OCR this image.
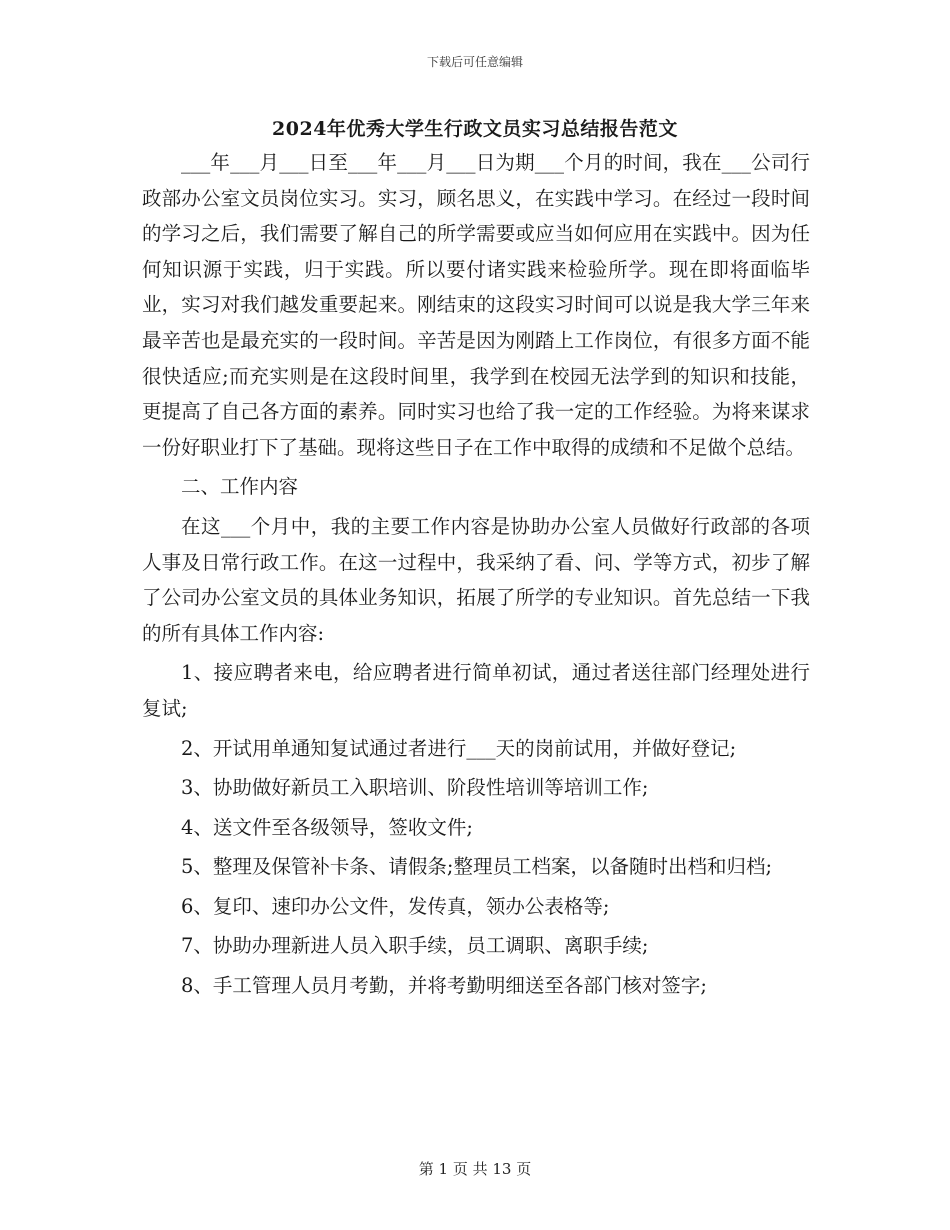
下载后可任意编辑
2024年优秀大学生行政文员实习总结报告范文

___年___月___日至___年___月___日为期___个月的时间，我在___公司行政部办公室文员岗位实习。实习，顾名思义，在实践中学习。在经过一段时间的学习之后，我们需要了解自己的所学需要或应当如何应用在实践中。因为任何知识源于实践，归于实践。所以要付诸实践来检验所学。现在即将面临毕业，实习对我们越发重要起来。刚结束的这段实习时间可以说是我大学三年来最辛苦也是最充实的一段时间。辛苦是因为刚踏上工作岗位，有很多方面不能很快适应;而充实则是在这段时间里，我学到在校园无法学到的知识和技能，更提高了自己各方面的素养。同时实习也给了我一定的工作经验。为将来谋求一份好职业打下了基础。现将这些日子在工作中取得的成绩和不足做个总结。

二、工作内容

在这___个月中，我的主要工作内容是协助办公室人员做好行政部的各项人事及日常行政工作。在这一过程中，我采纳了看、问、学等方式，初步了解了公司办公室文员的具体业务知识，拓展了所学的专业知识。首先总结一下我的所有具体工作内容:

1、接应聘者来电，给应聘者进行简单初试，通过者送往部门经理处进行复试;

2、开试用单通知复试通过者进行___天的岗前试用，并做好登记;

3、协助做好新员工入职培训、阶段性培训等培训工作;

4、送文件至各级领导，签收文件;

5、整理及保管补卡条、请假条;整理员工档案，以备随时出档和归档;

6、复印、速印办公文件，发传真，领办公表格等;

7、协助办理新进人员入职手续，员工调职、离职手续;

8、手工管理人员月考勤，并将考勤明细送至各部门核对签字;

第 1 页 共 13 页
